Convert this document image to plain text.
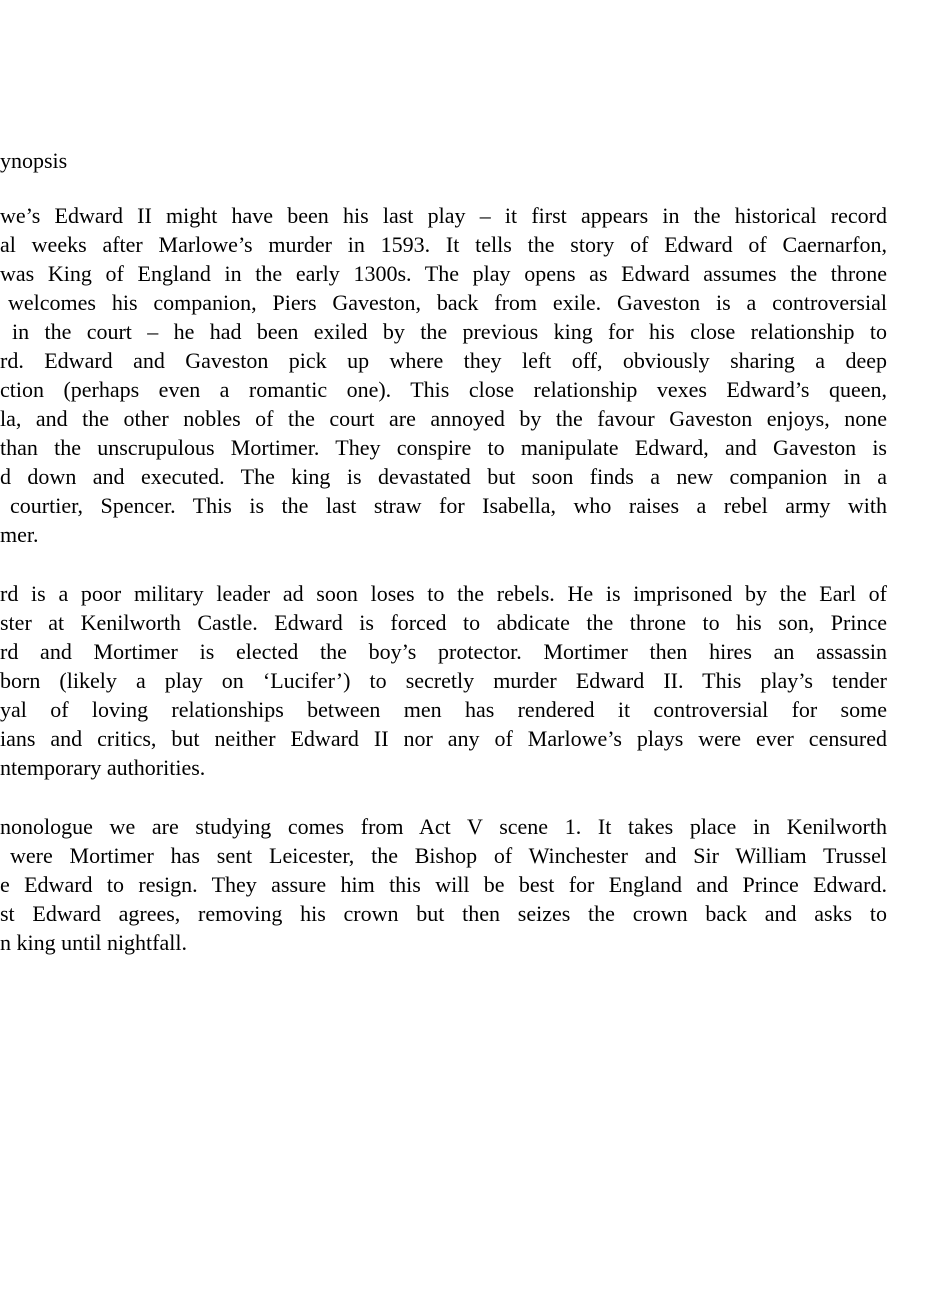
ynopsis
we’s Edward II might have been his last play – it first appears in the historical record
al weeks after Marlowe’s murder in 1593. It tells the story of Edward of Caernarfon,
was King of England in the early 1300s. The play opens as Edward assumes the throne
welcomes his companion, Piers Gaveston, back from exile. Gaveston is a controversial
in the court – he had been exiled by the previous king for his close relationship to
rd. Edward and Gaveston pick up where they left off, obviously sharing a deep
ction (perhaps even a romantic one). This close relationship vexes Edward’s queen,
la, and the other nobles of the court are annoyed by the favour Gaveston enjoys, none
than the unscrupulous Mortimer. They conspire to manipulate Edward, and Gaveston is
d down and executed. The king is devastated but soon finds a new companion in a
courtier, Spencer. This is the last straw for Isabella, who raises a rebel army with
mer.
rd is a poor military leader ad soon loses to the rebels. He is imprisoned by the Earl of
ster at Kenilworth Castle. Edward is forced to abdicate the throne to his son, Prince
rd and Mortimer is elected the boy’s protector. Mortimer then hires an assassin
born (likely a play on ‘Lucifer’) to secretly murder Edward II. This play’s tender
yal of loving relationships between men has rendered it controversial for some
ians and critics, but neither Edward II nor any of Marlowe’s plays were ever censured
ntemporary authorities.
nonologue we are studying comes from Act V scene 1. It takes place in Kenilworth
were Mortimer has sent Leicester, the Bishop of Winchester and Sir William Trussel
e Edward to resign. They assure him this will be best for England and Prince Edward.
st Edward agrees, removing his crown but then seizes the crown back and asks to
n king until nightfall.
